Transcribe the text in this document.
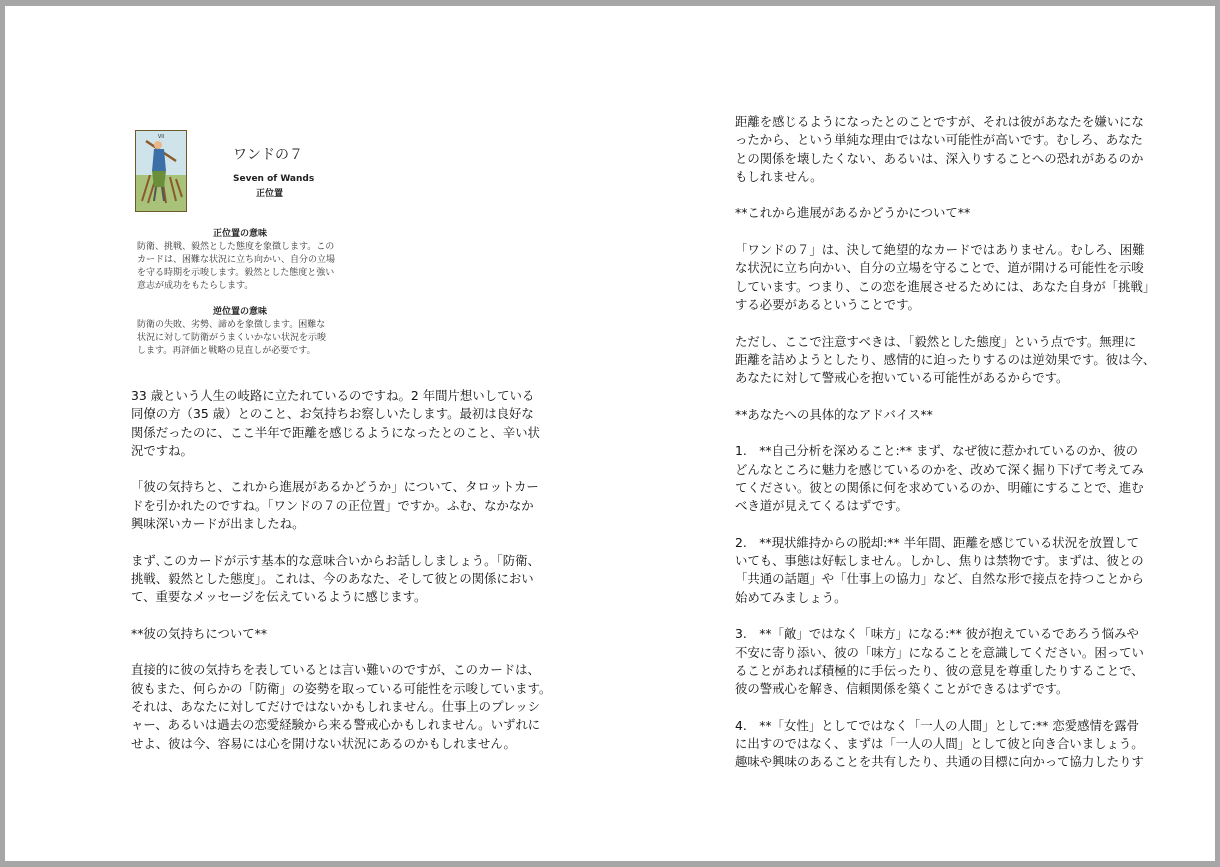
VII
ワンドの７
Seven of Wands
正位置
正位置の意味
防衛、挑戦、毅然とした態度を象徴します。この
カードは、困難な状況に立ち向かい、自分の立場
を守る時期を示唆します。毅然とした態度と強い
意志が成功をもたらします。
逆位置の意味
防衛の失敗、劣勢、諦めを象徴します。困難な
状況に対して防衛がうまくいかない状況を示唆
します。再評価と戦略の見直しが必要です。
33 歳という人生の岐路に立たれているのですね。2 年間片想いしている
同僚の方（35 歳）とのこと、お気持ちお察しいたします。最初は良好な
関係だったのに、ここ半年で距離を感じるようになったとのこと、辛い状
況ですね。
「彼の気持ちと、これから進展があるかどうか」について、タロットカー
ドを引かれたのですね。「ワンドの７の正位置」ですか。ふむ、なかなか
興味深いカードが出ましたね。
まず､このカードが示す基本的な意味合いからお話ししましょう｡「防衛、
挑戦、毅然とした態度」。これは、今のあなた、そして彼との関係におい
て、重要なメッセージを伝えているように感じます。
**彼の気持ちについて**
直接的に彼の気持ちを表しているとは言い難いのですが、このカードは、
彼もまた、何らかの「防衛」の姿勢を取っている可能性を示唆しています。
それは、あなたに対してだけではないかもしれません。仕事上のプレッシ
ャー、あるいは過去の恋愛経験から来る警戒心かもしれません。いずれに
せよ、彼は今、容易には心を開けない状況にあるのかもしれません。
距離を感じるようになったとのことですが、それは彼があなたを嫌いにな
ったから、という単純な理由ではない可能性が高いです。むしろ、あなた
との関係を壊したくない、あるいは、深入りすることへの恐れがあるのか
もしれません。
**これから進展があるかどうかについて**
「ワンドの７」は、決して絶望的なカードではありません。むしろ、困難
な状況に立ち向かい、自分の立場を守ることで、道が開ける可能性を示唆
しています。つまり、この恋を進展させるためには、あなた自身が「挑戦」
する必要があるということです。
ただし、ここで注意すべきは、「毅然とした態度」という点です。無理に
距離を詰めようとしたり、感情的に迫ったりするのは逆効果です。彼は今、
あなたに対して警戒心を抱いている可能性があるからです。
**あなたへの具体的なアドバイス**
1.　**自己分析を深めること:** まず、なぜ彼に惹かれているのか、彼の
どんなところに魅力を感じているのかを、改めて深く掘り下げて考えてみ
てください。彼との関係に何を求めているのか、明確にすることで、進む
べき道が見えてくるはずです。
2.　**現状維持からの脱却:** 半年間、距離を感じている状況を放置して
いても、事態は好転しません。しかし、焦りは禁物です。まずは、彼との
「共通の話題」や「仕事上の協力」など、自然な形で接点を持つことから
始めてみましょう。
3.　**「敵」ではなく「味方」になる:** 彼が抱えているであろう悩みや
不安に寄り添い、彼の「味方」になることを意識してください。困ってい
ることがあれば積極的に手伝ったり、彼の意見を尊重したりすることで、
彼の警戒心を解き、信頼関係を築くことができるはずです。
4.　**「女性」としてではなく「一人の人間」として:** 恋愛感情を露骨
に出すのではなく、まずは「一人の人間」として彼と向き合いましょう。
趣味や興味のあることを共有したり、共通の目標に向かって協力したりす
